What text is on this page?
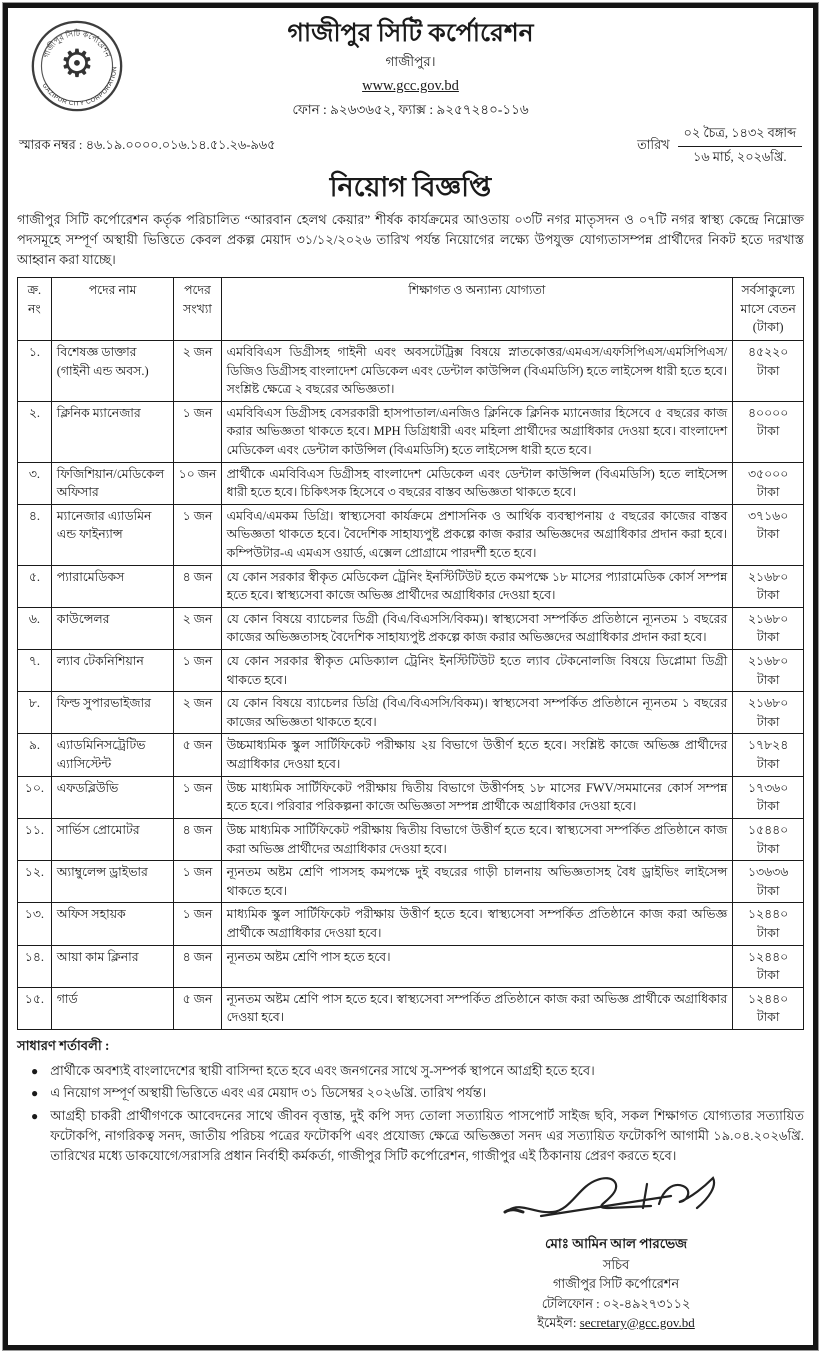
গাজীপুর সিটি কর্পোরেশন
GAZIPUR CITY CORPORATION
⚙
গাজীপুর সিটি কর্পোরেশন
গাজীপুর।
www.gcc.gov.bd
ফোন : ৯২৬৩৬৫২, ফ্যাক্স : ৯২৫৭২৪০-১১৬
স্মারক নম্বর : ৪৬.১৯.০০০০.০১৬.১৪.৫১.২৬-৯৬৫	তারিখ $\frac{\text{০২ চৈত্র, ১৪৩২ বঙ্গাব্দ}}{\text{১৬ মার্চ, ২০২৬খ্রি.}}$
নিয়োগ বিজ্ঞপ্তি

গাজীপুর সিটি কর্পোরেশন কর্তৃক পরিচালিত “আরবান হেলথ কেয়ার” শীর্ষক কার্যক্রমের আওতায় ০৩টি নগর মাতৃসদন ও ০৭টি নগর স্বাস্থ্য কেন্দ্রে নিম্নোক্ত পদসমূহে সম্পূর্ণ অস্থায়ী ভিত্তিতে কেবল প্রকল্প মেয়াদ ৩১/১২/২০২৬ তারিখ পর্যন্ত নিয়োগের লক্ষ্যে উপযুক্ত যোগ্যতাসম্পন্ন প্রার্থীদের নিকট হতে দরখাস্ত আহ্বান করা যাচ্ছে।

ক্র. নং	পদের নাম	পদের সংখ্যা	শিক্ষাগত ও অন্যান্য যোগ্যতা	সর্বসাকুল্যে মাসে বেতন (টাকা)
১.	বিশেষজ্ঞ ডাক্তার (গাইনী এন্ড অবস.)	২ জন	এমবিবিএস ডিগ্রীসহ গাইনী এবং অবসটেট্রিক্স বিষয়ে স্নাতকোত্তর/এমএস/এফসিপিএস/এমসিপিএস/ডিজিও ডিগ্রীসহ বাংলাদেশ মেডিকেল এবং ডেন্টাল কাউন্সিল (বিএমডিসি) হতে লাইসেন্স ধারী হতে হবে। সংশ্লিষ্ট ক্ষেত্রে ২ বছরের অভিজ্ঞতা।	৪৫২২০ টাকা
২.	ক্লিনিক ম্যানেজার	১ জন	এমবিবিএস ডিগ্রীসহ বেসরকারী হাসপাতাল/এনজিও ক্লিনিকে ক্লিনিক ম্যানেজার হিসেবে ৫ বছরের কাজ করার অভিজ্ঞতা থাকতে হবে। MPH ডিগ্রিধারী এবং মহিলা প্রার্থীদের অগ্রাধিকার দেওয়া হবে। বাংলাদেশ মেডিকেল এবং ডেন্টাল কাউন্সিল (বিএমডিসি) হতে লাইসেন্স ধারী হতে হবে।	৪০০০০ টাকা
৩.	ফিজিশিয়ান/মেডিকেল অফিসার	১০ জন	প্রার্থীকে এমবিবিএস ডিগ্রীসহ বাংলাদেশ মেডিকেল এবং ডেন্টাল কাউন্সিল (বিএমডিসি) হতে লাইসেন্স ধারী হতে হবে। চিকিৎসক হিসেবে ৩ বছরের বাস্তব অভিজ্ঞতা থাকতে হবে।	৩৫০০০ টাকা
৪.	ম্যানেজার এ্যাডমিন এন্ড ফাইন্যান্স	১ জন	এমবিএ/এমকম ডিগ্রি। স্বাস্থ্যসেবা কার্যক্রমে প্রশাসনিক ও আর্থিক ব্যবস্থাপনায় ৫ বছরের কাজের বাস্তব অভিজ্ঞতা থাকতে হবে। বৈদেশিক সাহায্যপুষ্ট প্রকল্পে কাজ করার অভিজ্ঞদের অগ্রাধিকার প্রদান করা হবে। কম্পিউটার-এ এমএস ওয়ার্ড, এক্সেল প্রোগ্রামে পারদর্শী হতে হবে।	৩৭১৬০ টাকা
৫.	প্যারামেডিকস	৪ জন	যে কোন সরকার স্বীকৃত মেডিকেল ট্রেনিং ইনস্টিটিউট হতে কমপক্ষে ১৮ মাসের প্যারামেডিক কোর্স সম্পন্ন হতে হবে। স্বাস্থ্যসেবা কাজে অভিজ্ঞ প্রার্থীদের অগ্রাধিকার দেওয়া হবে।	২১৬৮০ টাকা
৬.	কাউন্সেলর	২ জন	যে কোন বিষয়ে ব্যাচেলর ডিগ্রী (বিএ/বিএসসি/বিকম)। স্বাস্থ্যসেবা সম্পর্কিত প্রতিষ্ঠানে ন্যূনতম ১ বছরের কাজের অভিজ্ঞতাসহ বৈদেশিক সাহায্যপুষ্ট প্রকল্পে কাজ করার অভিজ্ঞদের অগ্রাধিকার প্রদান করা হবে।	২১৬৮০ টাকা
৭.	ল্যাব টেকনিশিয়ান	১ জন	যে কোন সরকার স্বীকৃত মেডিক্যাল ট্রেনিং ইনস্টিটিউট হতে ল্যাব টেকনোলজি বিষয়ে ডিপ্লোমা ডিগ্রী থাকতে হবে।	২১৬৮০ টাকা
৮.	ফিল্ড সুপারভাইজার	২ জন	যে কোন বিষয়ে ব্যাচেলর ডিগ্রি (বিএ/বিএসসি/বিকম)। স্বাস্থ্যসেবা সম্পর্কিত প্রতিষ্ঠানে ন্যূনতম ১ বছরের কাজের অভিজ্ঞতা থাকতে হবে।	২১৬৮০ টাকা
৯.	এ্যাডমিনিসট্রেটিভ এ্যাসিস্টেন্ট	৫ জন	উচ্চমাধ্যমিক স্কুল সার্টিফিকেট পরীক্ষায় ২য় বিভাগে উত্তীর্ণ হতে হবে। সংশ্লিষ্ট কাজে অভিজ্ঞ প্রার্থীদের অগ্রাধিকার দেওয়া হবে।	১৭৮২৪ টাকা
১০.	এফডব্লিউভি	১ জন	উচ্চ মাধ্যমিক সার্টিফিকেট পরীক্ষায় দ্বিতীয় বিভাগে উত্তীর্ণসহ ১৮ মাসের FWV/সমমানের কোর্স সম্পন্ন হতে হবে। পরিবার পরিকল্পনা কাজে অভিজ্ঞতা সম্পন্ন প্রার্থীকে অগ্রাধিকার দেওয়া হবে।	১৭৩৬০ টাকা
১১.	সার্ভিস প্রোমোটর	৪ জন	উচ্চ মাধ্যমিক সার্টিফিকেট পরীক্ষায় দ্বিতীয় বিভাগে উত্তীর্ণ হতে হবে। স্বাস্থ্যসেবা সম্পর্কিত প্রতিষ্ঠানে কাজ করা অভিজ্ঞ প্রার্থীদের অগ্রাধিকার দেওয়া হবে।	১৫৪৪০ টাকা
১২.	অ্যাম্বুলেন্স ড্রাইভার	১ জন	ন্যূনতম অষ্টম শ্রেণি পাসসহ কমপক্ষে দুই বছরের গাড়ী চালনায় অভিজ্ঞতাসহ বৈধ ড্রাইভিং লাইসেন্স থাকতে হবে।	১৩৬৩৬ টাকা
১৩.	অফিস সহায়ক	১ জন	মাধ্যমিক স্কুল সার্টিফিকেট পরীক্ষায় উত্তীর্ণ হতে হবে। স্বাস্থ্যসেবা সম্পর্কিত প্রতিষ্ঠানে কাজ করা অভিজ্ঞ প্রার্থীকে অগ্রাধিকার দেওয়া হবে।	১২৪৪০ টাকা
১৪.	আয়া কাম ক্লিনার	৪ জন	ন্যূনতম অষ্টম শ্রেণি পাস হতে হবে।	১২৪৪০ টাকা
১৫.	গার্ড	৫ জন	ন্যূনতম অষ্টম শ্রেণি পাস হতে হবে। স্বাস্থ্যসেবা সম্পর্কিত প্রতিষ্ঠানে কাজ করা অভিজ্ঞ প্রার্থীকে অগ্রাধিকার দেওয়া হবে।	১২৪৪০ টাকা
সাধারণ শর্তাবলী :
● প্রার্থীকে অবশ্যই বাংলাদেশের স্থায়ী বাসিন্দা হতে হবে এবং জনগনের সাথে সু-সম্পর্ক স্থাপনে আগ্রহী হতে হবে।
● এ নিয়োগ সম্পূর্ণ অস্থায়ী ভিত্তিতে এবং এর মেয়াদ ৩১ ডিসেম্বর ২০২৬খ্রি. তারিখ পর্যন্ত।
● আগ্রহী চাকরী প্রার্থীগণকে আবেদনের সাথে জীবন বৃত্তান্ত, দুই কপি সদ্য তোলা সত্যায়িত পাসপোর্ট সাইজ ছবি, সকল শিক্ষাগত যোগ্যতার সত্যায়িত ফটোকপি, নাগরিকত্ব সনদ, জাতীয় পরিচয় পত্রের ফটোকপি এবং প্রযোজ্য ক্ষেত্রে অভিজ্ঞতা সনদ এর সত্যায়িত ফটোকপি আগামী ১৯.০৪.২০২৬খ্রি. তারিখের মধ্যে ডাকযোগে/সরাসরি প্রধান নির্বাহী কর্মকর্তা, গাজীপুর সিটি কর্পোরেশন, গাজীপুর এই ঠিকানায় প্রেরণ করতে হবে।
মোঃ আমিন আল পারভেজ
সচিব
গাজীপুর সিটি কর্পোরেশন
টেলিফোন : ০২-৪৯২৭৩১১২
ইমেইল: secretary@gcc.gov.bd
